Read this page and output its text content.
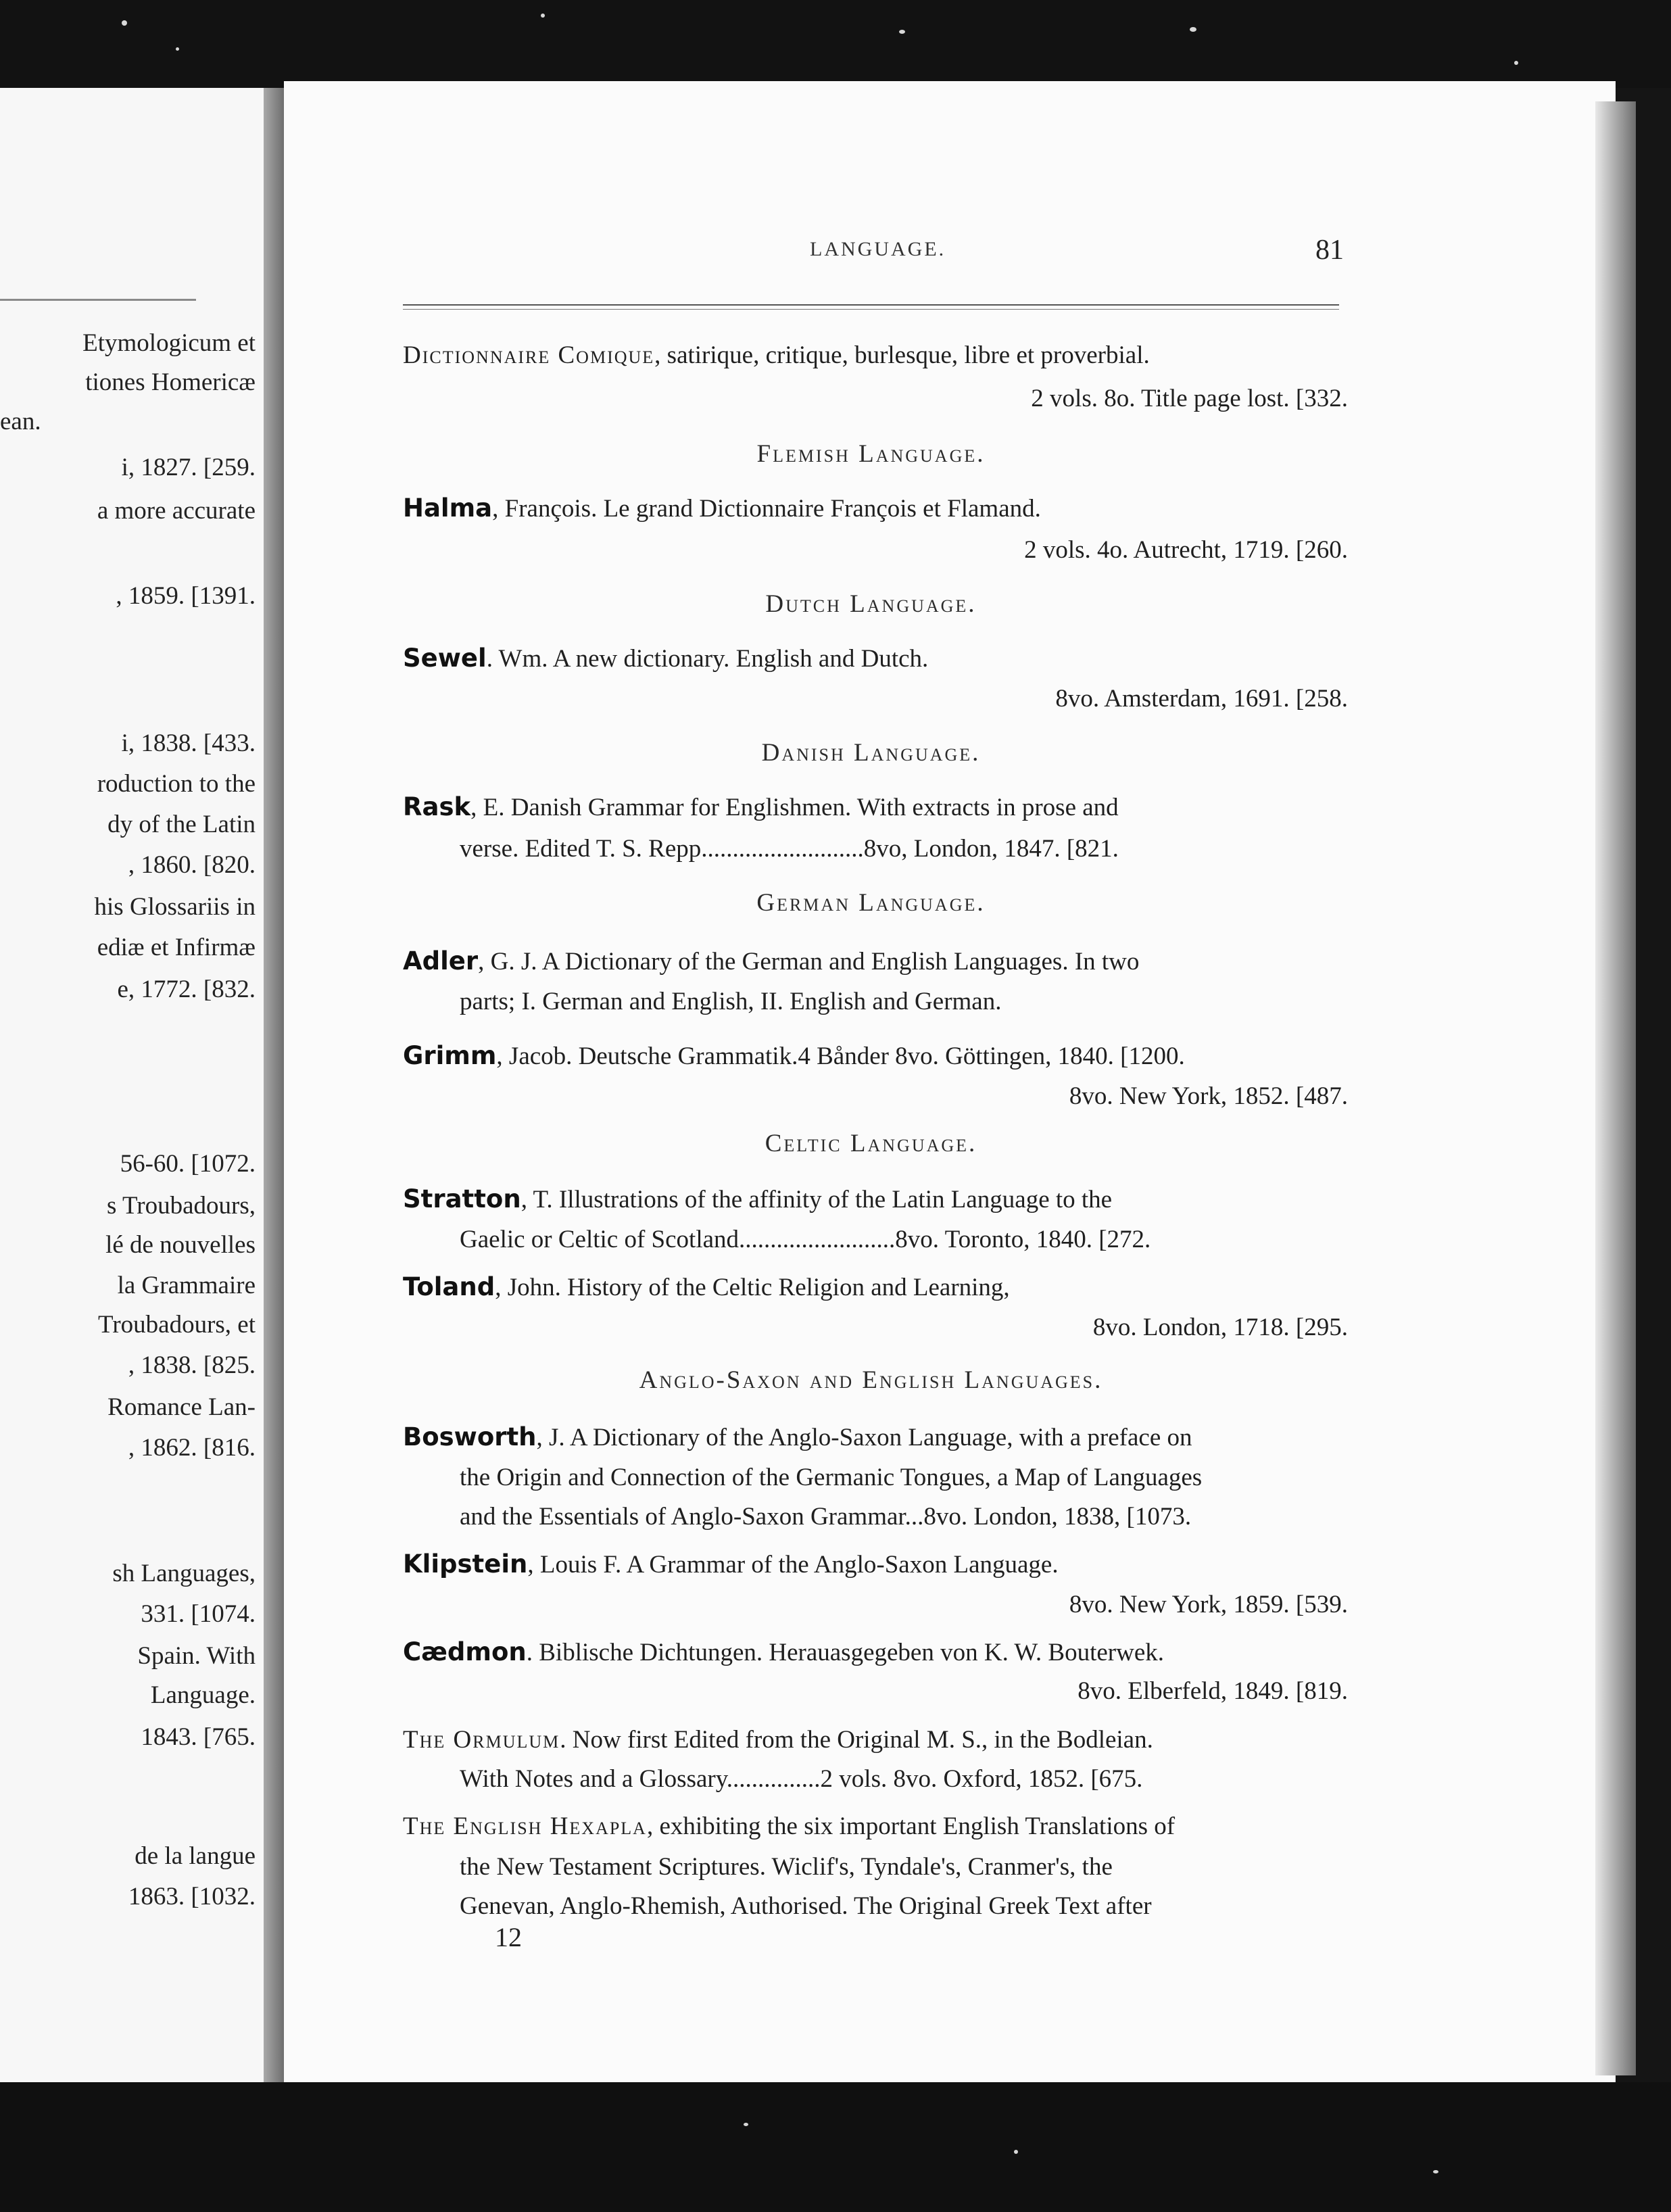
Etymologicum et
tiones Homericæ
ean.
i, 1827. [259.
a more accurate
, 1859. [1391.
i, 1838. [433.
roduction to the
dy of the Latin
, 1860. [820.
his Glossariis in
ediæ et Infirmæ
e, 1772. [832.
56-60. [1072.
s Troubadours,
lé de nouvelles
la Grammaire
Troubadours, et
, 1838. [825.
Romance Lan-
, 1862. [816.
sh Languages,
331. [1074.
Spain. With
Language.
1843. [765.
de la langue
1863. [1032.
LANGUAGE.	81
Dictionnaire Comique, satirique, critique, burlesque, libre et proverbial.
2 vols. 8o. Title page lost. [332.
Flemish Language.
Halma, François. Le grand Dictionnaire François et Flamand.
2 vols. 4o. Autrecht, 1719. [260.
Dutch Language.
Sewel. Wm. A new dictionary. English and Dutch.
8vo. Amsterdam, 1691. [258.
Danish Language.
Rask, E. Danish Grammar for Englishmen. With extracts in prose and
verse. Edited T. S. Repp..........................8vo, London, 1847. [821.
German Language.
Adler, G. J. A Dictionary of the German and English Languages. In two
parts; I. German and English, II. English and German.
Grimm, Jacob. Deutsche Grammatik.4 Bånder 8vo. Göttingen, 1840. [1200.
8vo. New York, 1852. [487.
Celtic Language.
Stratton, T. Illustrations of the affinity of the Latin Language to the
Gaelic or Celtic of Scotland.........................8vo. Toronto, 1840. [272.
Toland, John. History of the Celtic Religion and Learning,
8vo. London, 1718. [295.
Anglo-Saxon and English Languages.
Bosworth, J. A Dictionary of the Anglo-Saxon Language, with a preface on
the Origin and Connection of the Germanic Tongues, a Map of Languages
and the Essentials of Anglo-Saxon Grammar...8vo. London, 1838, [1073.
Klipstein, Louis F. A Grammar of the Anglo-Saxon Language.
8vo. New York, 1859. [539.
Cædmon. Biblische Dichtungen. Herauasgegeben von K. W. Bouterwek.
8vo. Elberfeld, 1849. [819.
The Ormulum. Now first Edited from the Original M. S., in the Bodleian.
With Notes and a Glossary...............2 vols. 8vo. Oxford, 1852. [675.
The English Hexapla, exhibiting the six important English Translations of
the New Testament Scriptures. Wiclif's, Tyndale's, Cranmer's, the
Genevan, Anglo-Rhemish, Authorised. The Original Greek Text after
12
